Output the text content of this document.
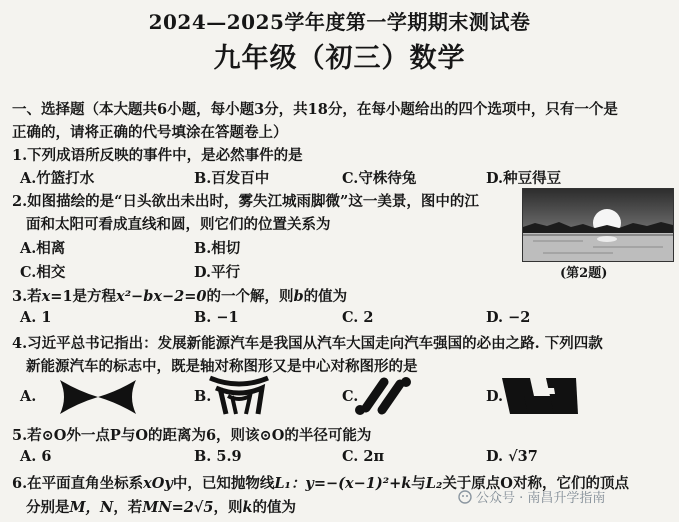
2024—2025学年度第一学期期末测试卷
九年级（初三）数学
一、选择题（本大题共6小题，每小题3分，共18分，在每小题给出的四个选项中，只有一个是
正确的，请将正确的代号填涂在答题卷上）
1.下列成语所反映的事件中，是必然事件的是
A.竹篮打水	B.百发百中	C.守株待兔	D.种豆得豆
2.如图描绘的是“日头欲出未出时，雾失江城雨脚微”这一美景，图中的江
面和太阳可看成直线和圆，则它们的位置关系为
A.相离	B.相切
C.相交	D.平行	(第2题)
3.若x=1是方程x²−bx−2=0的一个解，则b的值为
A. 1	B. −1	C. 2	D. −2
4.习近平总书记指出：发展新能源汽车是我国从汽车大国走向汽车强国的必由之路. 下列四款
新能源汽车的标志中，既是轴对称图形又是中心对称图形的是
A.	B.	C.	D.
5.若⊙O外一点P与O的距离为6，则该⊙O的半径可能为
A. 6	B. 5.9	C. 2π	D. √37
6.在平面直角坐标系xOy中，已知抛物线L₁：y=−(x−1)²+k与L₂关于原点O对称，它们的顶点
分别是M，N，若MN=2√5，则k的值为
公众号 · 南昌升学指南
